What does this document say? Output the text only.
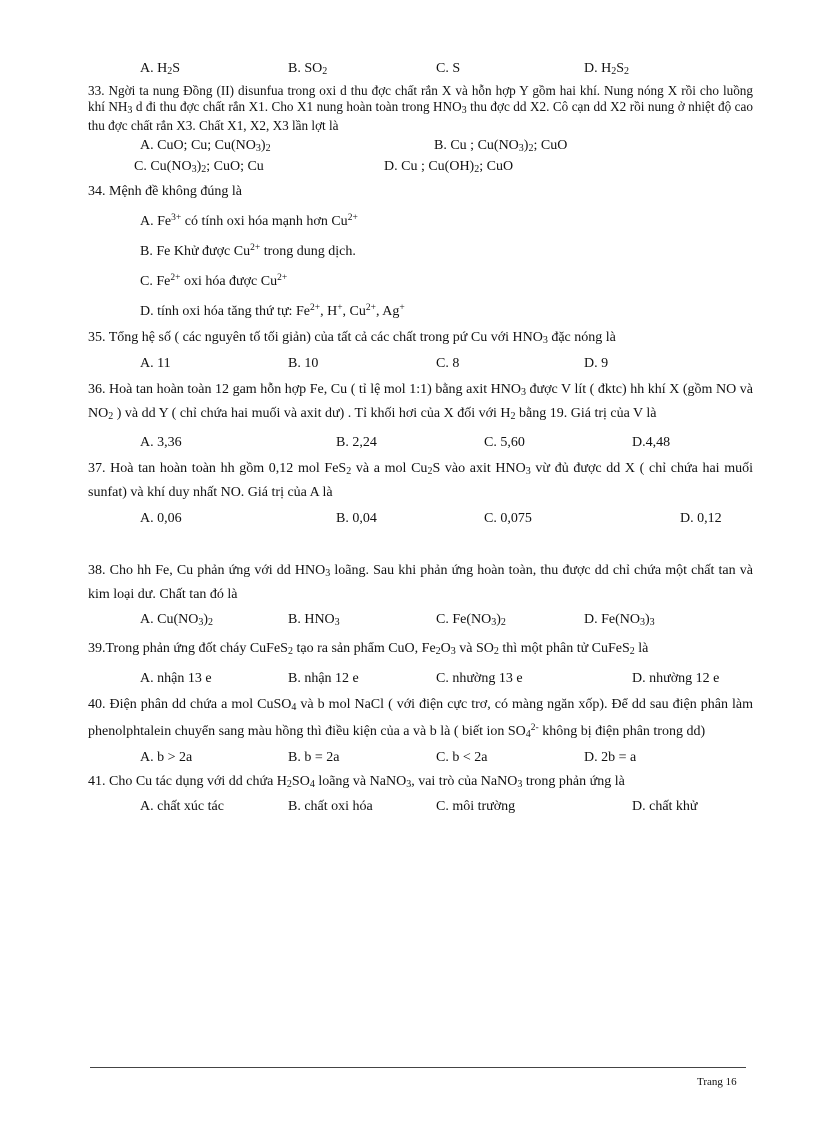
A. $H_2S$	B. $SO_2$	C. S	D. $H_2S_2$
33. Ngời ta nung Đồng (II) disunfua trong oxi d thu đợc chất rắn X và hỗn hợp Y gồm hai khí. Nung nóng X rồi cho luồng khí $NH_3$ d đi thu đợc chất rắn X1. Cho X1 nung hoàn toàn trong $HNO_3$ thu đợc dd X2. Cô cạn dd X2 rồi nung ở nhiệt độ cao thu đợc chất rắn X3. Chất X1, X2, X3 lần lợt là
A. CuO; Cu; $Cu(NO_3)_2$	B. Cu ; $Cu(NO_3)_2$; CuO
C. $Cu(NO_3)_2$; CuO; Cu	D. Cu ; $Cu(OH)_2$; CuO
34. Mệnh đề không đúng là
A. $Fe^{3+}$ có tính oxi hóa mạnh hơn $Cu^{2+}$
B. Fe Khử được $Cu^{2+}$ trong dung dịch.
C. $Fe^{2+}$ oxi hóa được $Cu^{2+}$
D. tính oxi hóa tăng thứ tự: $Fe^{2+}$, H+, $Cu^{2+}$, Ag+
35. Tổng hệ số ( các nguyên tố tối giản) của tất cả các chất trong pứ Cu với $HNO_3$ đặc nóng là
A. 11	B. 10	C. 8	D. 9
36. Hoà tan hoàn toàn 12 gam hỗn hợp Fe, Cu ( tỉ lệ mol 1:1) bằng axit $HNO_3$ được V lít ( đktc) hh khí X (gồm NO và $NO_2$ ) và dd Y ( chỉ chứa hai muối và axit dư) . Tỉ khối hơi của X đối với $H_2$ bằng 19. Giá trị của V là
A. 3,36	B. 2,24	C. 5,60	D.4,48
37. Hoà tan hoàn toàn hh gồm 0,12 mol FeS$_2$ và a mol $Cu_2S$ vào axit $HNO_3$ vừ đủ được dd X ( chỉ chứa hai muối sunfat) và khí duy nhất NO. Giá trị của A là
A. 0,06	B. 0,04	C. 0,075	D. 0,12
38. Cho hh Fe, Cu phản ứng với dd $HNO_3$ loãng. Sau khi phản ứng hoàn toàn, thu được dd chỉ chứa một chất tan và kim loại dư. Chất tan đó là
A. $Cu(NO_3)_2$	B. $HNO_3$	C. $Fe(NO_3)_2$	D. $Fe(NO_3)_3$
39.Trong phản ứng đốt cháy CuFeS$_2$ tạo ra sản phẩm CuO, $Fe_2O_3$ và $SO_2$ thì một phân tử CuFeS$_2$ là
A. nhận 13 e	B. nhận 12 e	C. nhường 13 e	D. nhường 12 e
40. Điện phân dd chứa a mol CuSO$_4$ và b mol NaCl ( với điện cực trơ, có màng ngăn xốp). Để dd sau điện phân làm phenolphtalein chuyển sang màu hồng thì điều kiện của a và b là ( biết ion $SO_4^{2-}$ không bị điện phân trong dd)
A. b > 2a	B. b = 2a	C. b < 2a	D. 2b = a
41. Cho Cu tác dụng với dd chứa $H_2SO_4$ loãng và NaNO$_3$, vai trò của NaNO$_3$ trong phản ứng là
A. chất xúc tác	B. chất oxi hóa	C. môi trường	D. chất khử
Trang 16
